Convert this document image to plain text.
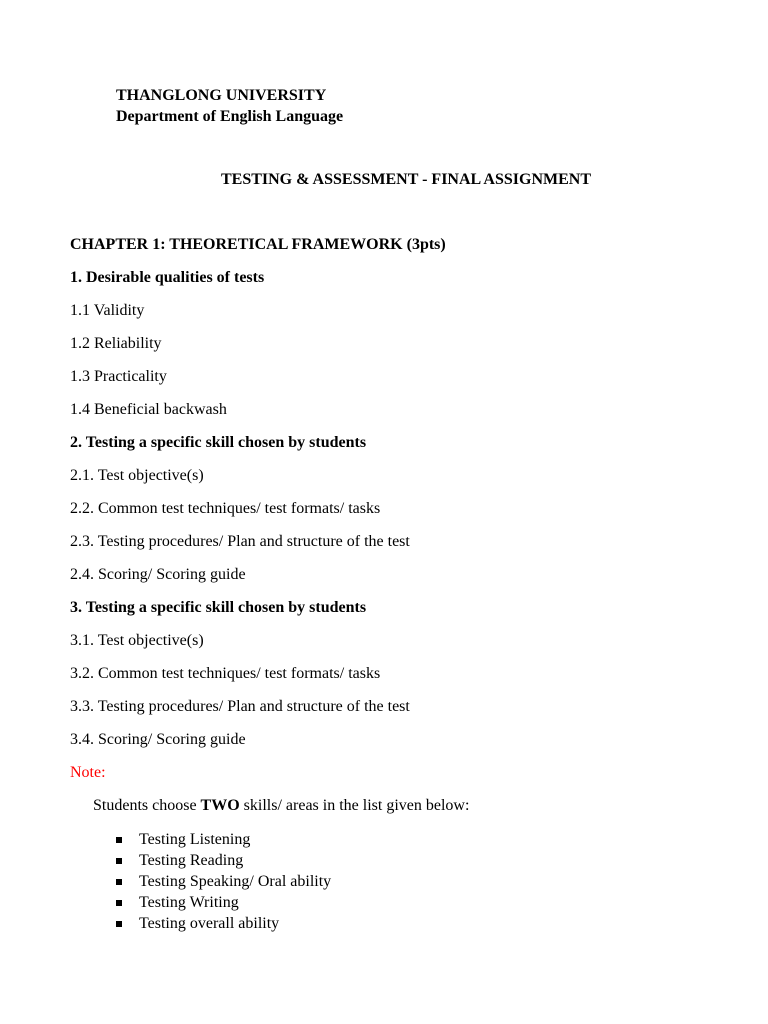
THANGLONG UNIVERSITY
Department of English Language
TESTING & ASSESSMENT - FINAL ASSIGNMENT
CHAPTER 1: THEORETICAL FRAMEWORK (3pts)
1. Desirable qualities of tests
1.1 Validity
1.2 Reliability
1.3 Practicality
1.4 Beneficial backwash
2. Testing a specific skill chosen by students
2.1. Test objective(s)
2.2. Common test techniques/ test formats/ tasks
2.3. Testing procedures/ Plan and structure of the test
2.4. Scoring/ Scoring guide
3. Testing a specific skill chosen by students
3.1. Test objective(s)
3.2. Common test techniques/ test formats/ tasks
3.3. Testing procedures/ Plan and structure of the test
3.4. Scoring/ Scoring guide
Note:
Students choose TWO skills/ areas in the list given below:
Testing Listening
Testing Reading
Testing Speaking/ Oral ability
Testing Writing
Testing overall ability
